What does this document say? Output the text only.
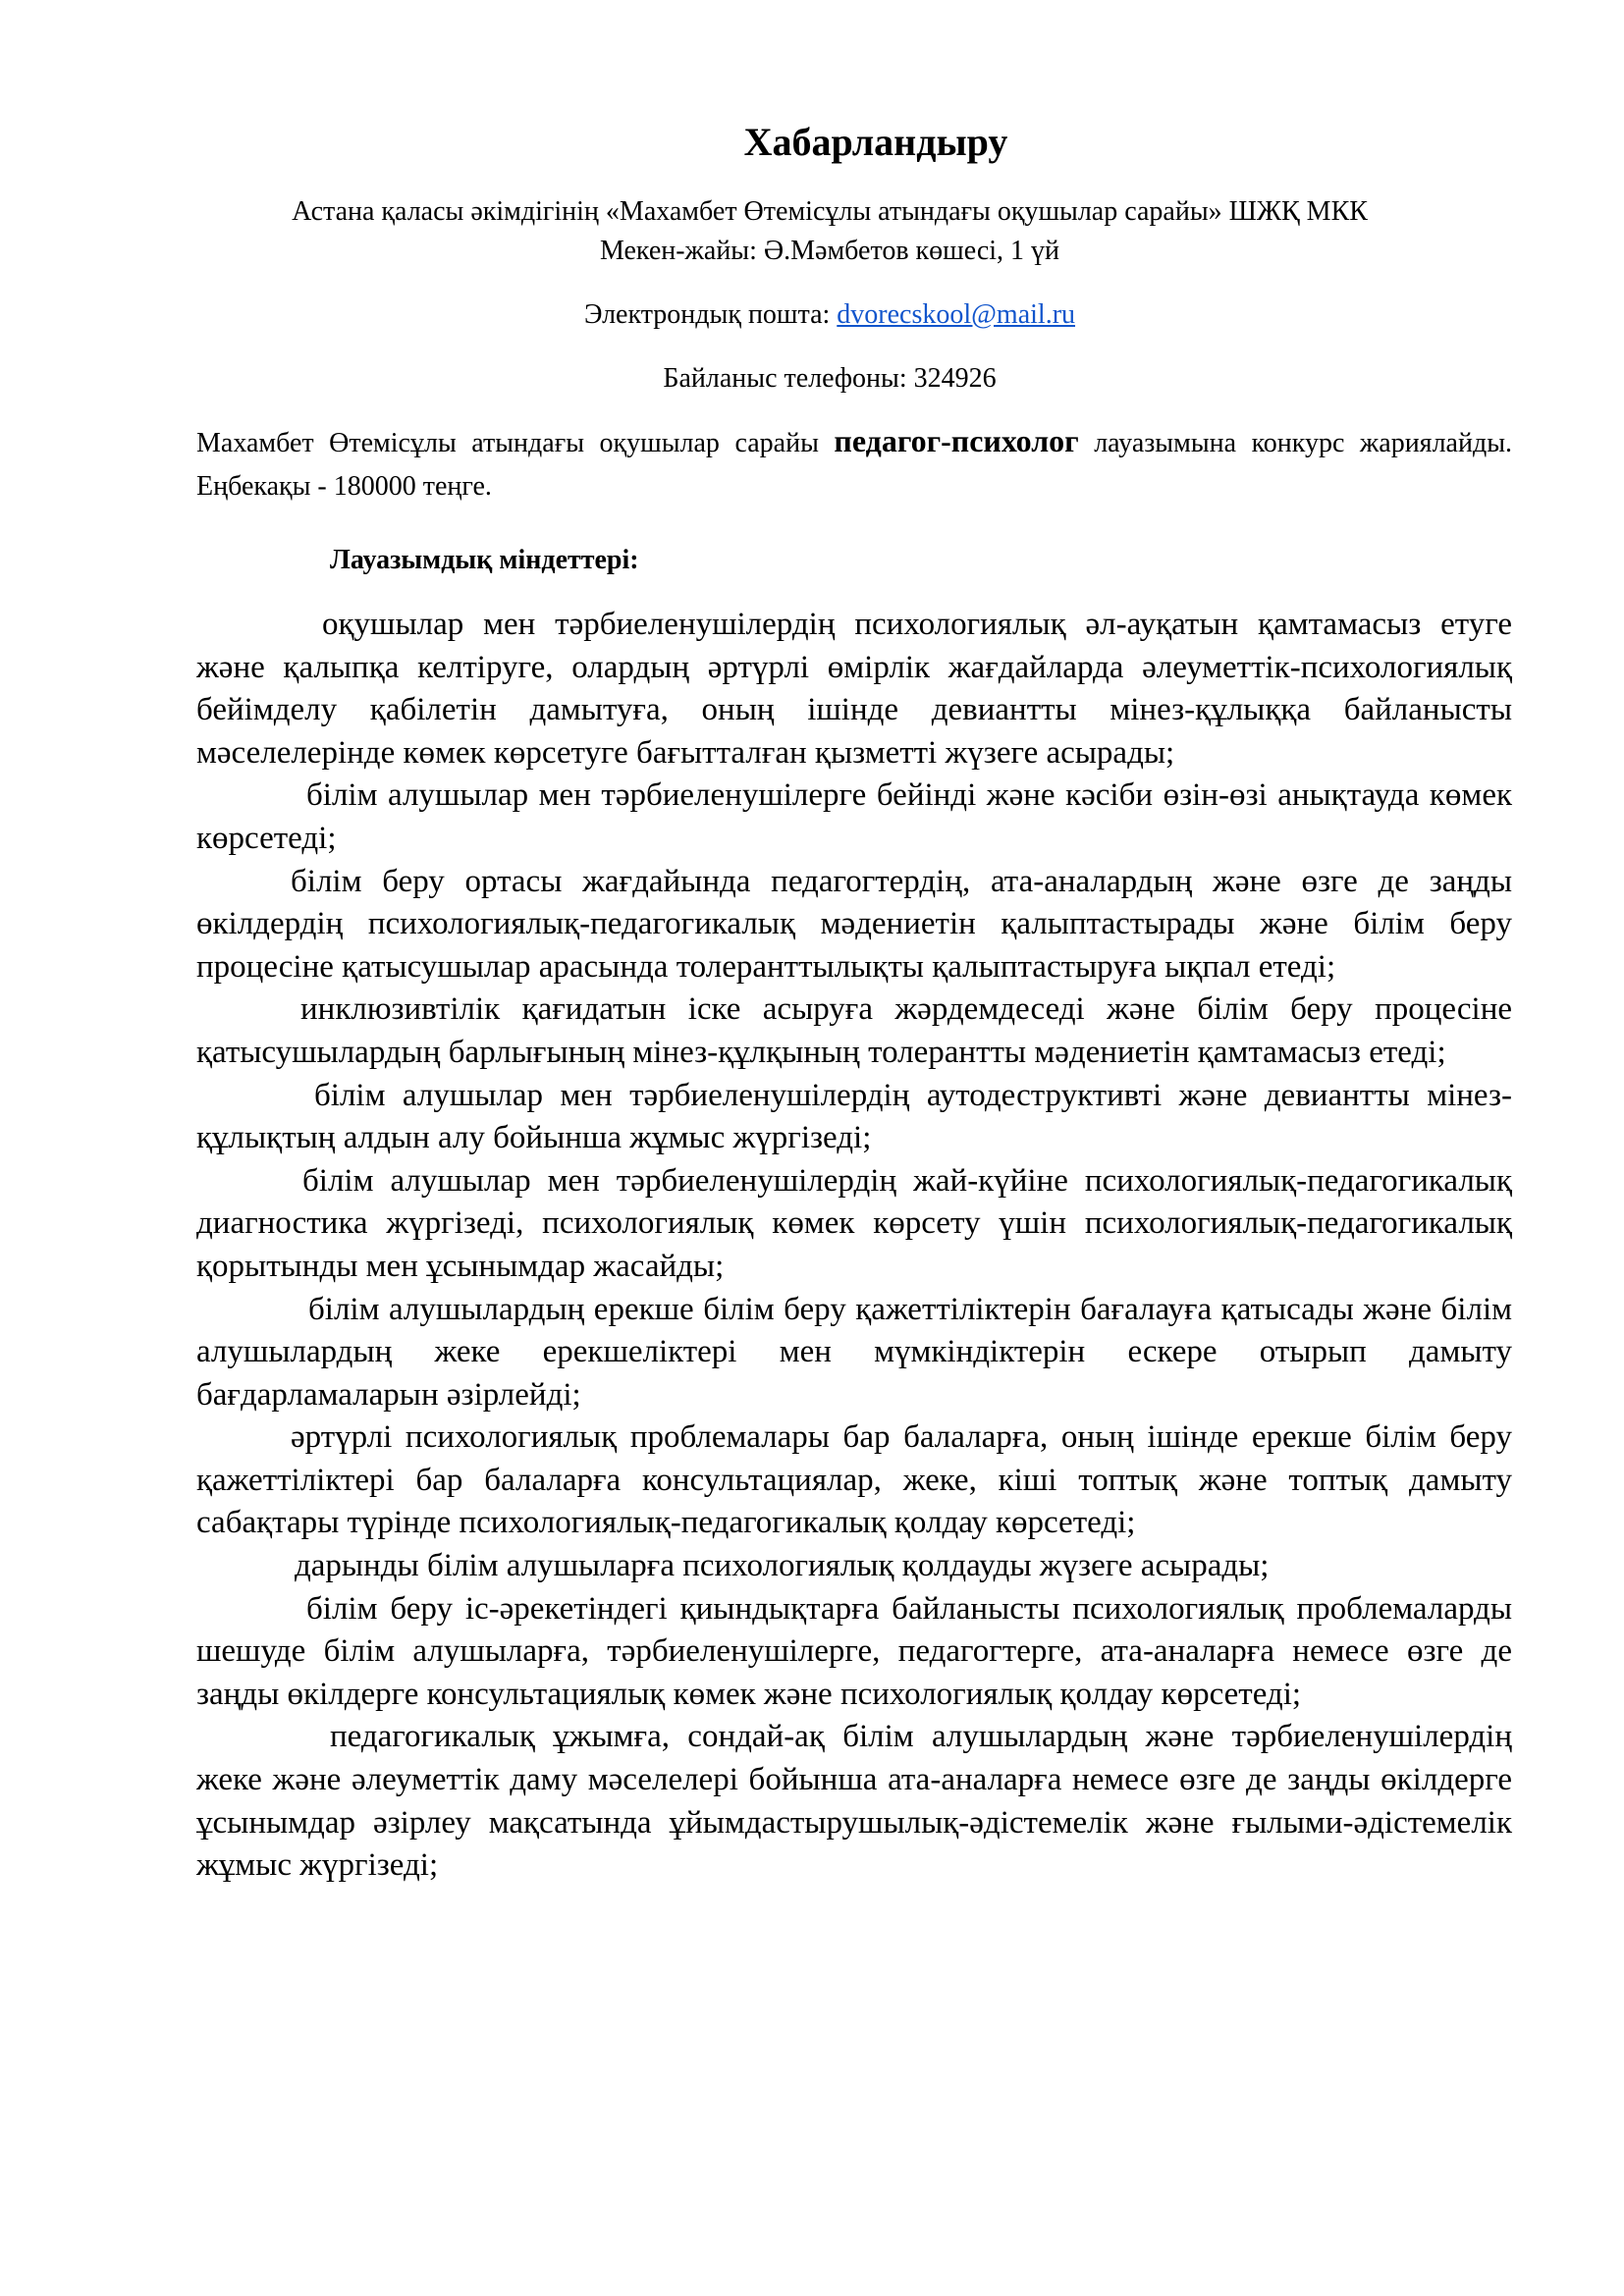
Хабарландыру
Астана қаласы әкімдігінің «Махамбет Өтемісұлы атындағы оқушылар сарайы» ШЖҚ МКК
Мекен-жайы: Ә.Мәмбетов көшесі, 1 үй
Электрондық пошта: dvorecskool@mail.ru
Байланыс телефоны: 324926
Махамбет Өтемісұлы атындағы оқушылар сарайы педагог-психолог лауазымына конкурс жариялайды. Еңбекақы - 180000 теңге.
Лауазымдық міндеттері:

оқушылар мен тәрбиеленушілердің психологиялық әл-ауқатын қамтамасыз етуге және қалыпқа келтіруге, олардың әртүрлі өмірлік жағдайларда әлеуметтік-психологиялық бейімделу қабілетін дамытуға, оның ішінде девиантты мінез-құлыққа байланысты мәселелерінде көмек көрсетуге бағытталған қызметті жүзеге асырады;

білім алушылар мен тәрбиеленушілерге бейінді және кәсіби өзін-өзі анықтауда көмек көрсетеді;

білім беру ортасы жағдайында педагогтердің, ата-аналардың және өзге де заңды өкілдердің психологиялық-педагогикалық мәдениетін қалыптастырады және білім беру процесіне қатысушылар арасында толеранттылықты қалыптастыруға ықпал етеді;

инклюзивтілік қағидатын іске асыруға жәрдемдеседі және білім беру процесіне қатысушылардың барлығының мінез-құлқының толерантты мәдениетін қамтамасыз етеді;

білім алушылар мен тәрбиеленушілердің аутодеструктивті және девиантты мінез-құлықтың алдын алу бойынша жұмыс жүргізеді;

білім алушылар мен тәрбиеленушілердің жай-күйіне психологиялық-педагогикалық диагностика жүргізеді, психологиялық көмек көрсету үшін психологиялық-педагогикалық қорытынды мен ұсынымдар жасайды;

білім алушылардың ерекше білім беру қажеттіліктерін бағалауға қатысады және білім алушылардың жеке ерекшеліктері мен мүмкіндіктерін ескере отырып дамыту бағдарламаларын әзірлейді;

әртүрлі психологиялық проблемалары бар балаларға, оның ішінде ерекше білім беру қажеттіліктері бар балаларға консультациялар, жеке, кіші топтық және топтық дамыту сабақтары түрінде психологиялық-педагогикалық қолдау көрсетеді;

дарынды білім алушыларға психологиялық қолдауды жүзеге асырады;

білім беру іс-әрекетіндегі қиындықтарға байланысты психологиялық проблемаларды шешуде білім алушыларға, тәрбиеленушілерге, педагогтерге, ата-аналарға немесе өзге де заңды өкілдерге консультациялық көмек және психологиялық қолдау көрсетеді;

педагогикалық ұжымға, сондай-ақ білім алушылардың және тәрбиеленушілердің жеке және әлеуметтік даму мәселелері бойынша ата-аналарға немесе өзге де заңды өкілдерге ұсынымдар әзірлеу мақсатында ұйымдастырушылық-әдістемелік және ғылыми-әдістемелік жұмыс жүргізеді;
